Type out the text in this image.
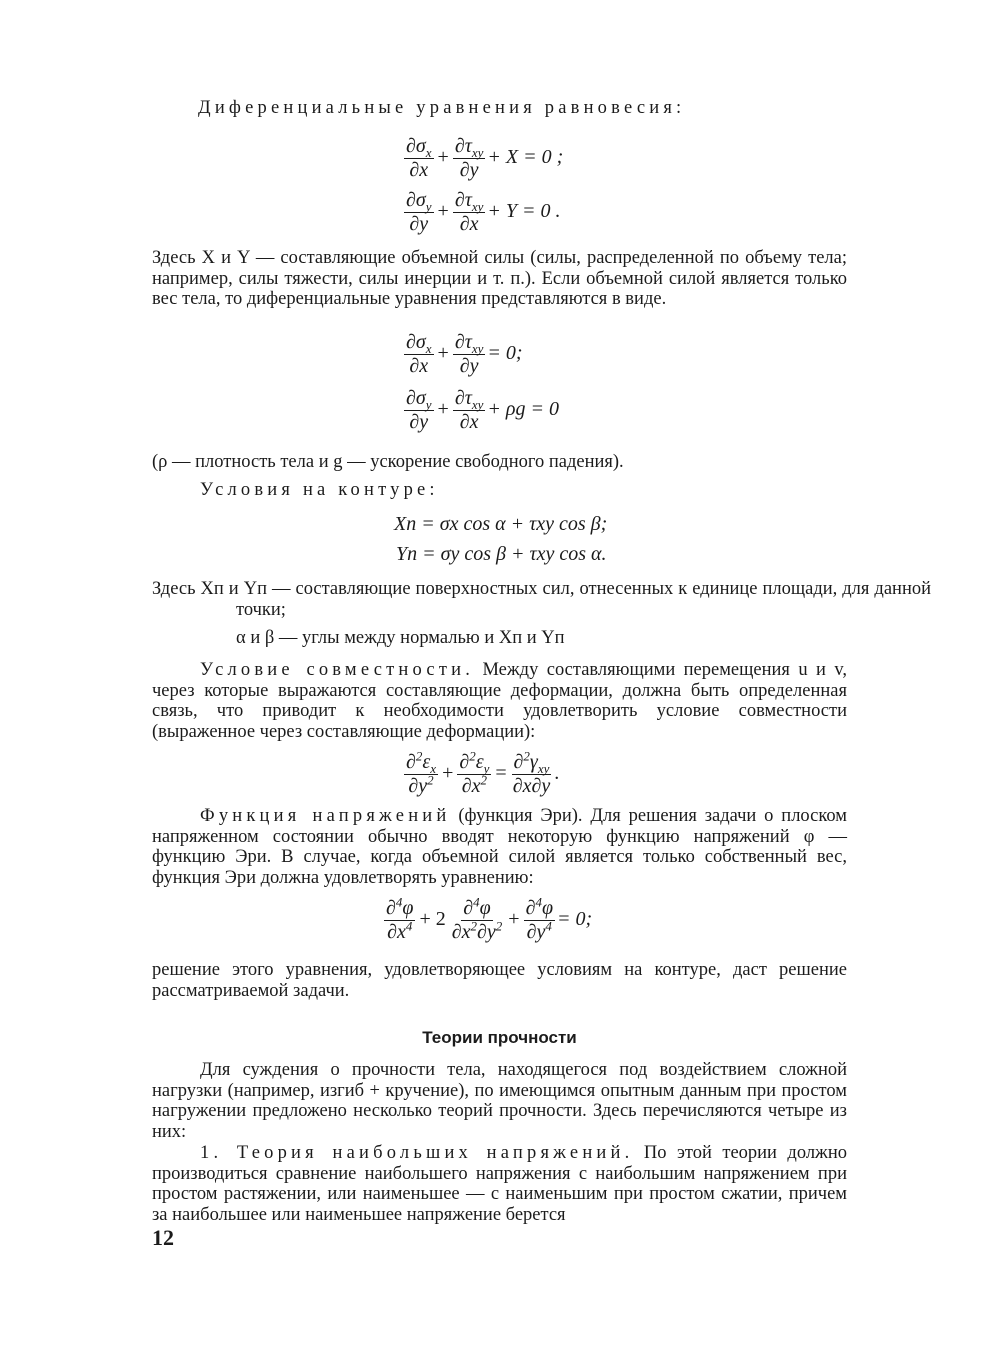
Диференциальные уравнения равновесия:
$\frac{\partial\sigma_x}{\partial x} + \frac{\partial\tau_{xy}}{\partial y} + X = 0$ ;
$\frac{\partial\sigma_y}{\partial y} + \frac{\partial\tau_{xy}}{\partial x} + Y = 0$ .
Здесь X и Y — составляющие объемной силы (силы, распределенной по объему тела; например, силы тяжести, силы инерции и т. п.). Если объемной силой является только вес тела, то диференциальные уравнения представляются в виде.
$\frac{\partial\sigma_x}{\partial x} + \frac{\partial\tau_{xy}}{\partial y} = 0$;
$\frac{\partial\sigma_y}{\partial y} + \frac{\partial\tau_{xy}}{\partial x} + \rho g = 0$
(ρ — плотность тела и g — ускорение свободного падения).
Условия на контуре:
Xп = σx cos α + τxy cos β;
Yп = σy cos β + τxy cos α.
Здесь Xп и Yп — составляющие поверхностных сил, отнесенных к единице площади, для данной точки;
α и β — углы между нормалью и Xп и Yп
Условие совместности. Между составляющими перемещения u и v, через которые выражаются составляющие деформации, должна быть определенная связь, что приводит к необходимости удовлетворить условие совместности (выраженное через составляющие деформации):
$\frac{\partial^2\varepsilon_x}{\partial y^2} + \frac{\partial^2\varepsilon_y}{\partial x^2} = \frac{\partial^2\gamma_{xy}}{\partial x\partial y}$ .
Функция напряжений (функция Эри). Для решения задачи о плоском напряженном состоянии обычно вводят некоторую функцию напряжений φ — функцию Эри. В случае, когда объемной силой является только собственный вес, функция Эри должна удовлетворять уравнению:
$\frac{\partial^4\varphi}{\partial x^4} + 2 \frac{\partial^4\varphi}{\partial x^2\partial y^2} + \frac{\partial^4\varphi}{\partial y^4} = 0$;
решение этого уравнения, удовлетворяющее условиям на контуре, даст решение рассматриваемой задачи.
Теории прочности
Для суждения о прочности тела, находящегося под воздействием сложной нагрузки (например, изгиб + кручение), по имеющимся опытным данным при простом нагружении предложено несколько теорий прочности. Здесь перечисляются четыре из них:
1. Теория наибольших напряжений. По этой теории должно производиться сравнение наибольшего напряжения с наибольшим напряжением при простом растяжении, или наименьшее — с наименьшим при простом сжатии, причем за наибольшее или наименьшее напряжение берется
12
